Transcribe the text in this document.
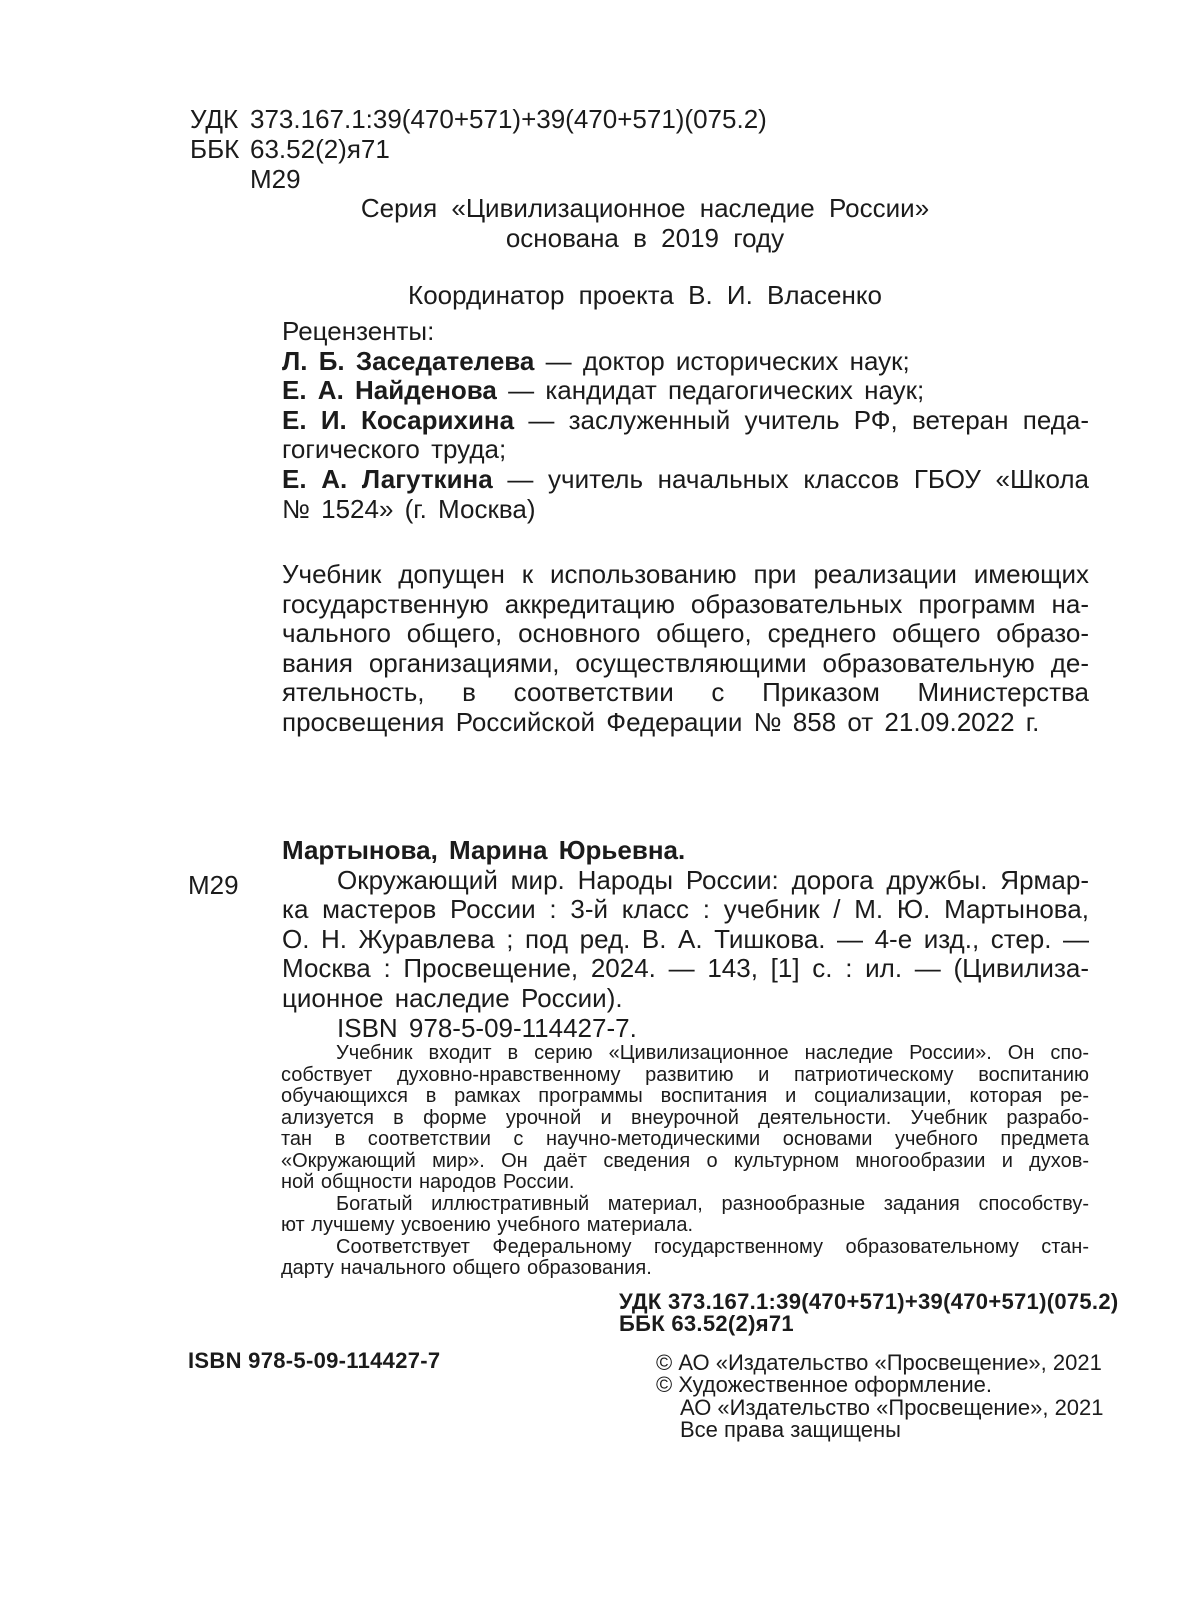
УДК 373.167.1:39(470+571)+39(470+571)(075.2)
ББК 63.52(2)я71
М29
Серия «Цивилизационное наследие России»
основана в 2019 году
Координатор проекта В. И. Власенко
Рецензенты:
Л. Б. Заседателева — доктор исторических наук;
Е. А. Найденова — кандидат педагогических наук;
Е. И. Косарихина — заслуженный учитель РФ, ветеран педа-
гогического труда;
Е. А. Лагуткина — учитель начальных классов ГБОУ «Школа
№ 1524» (г. Москва)
Учебник допущен к использованию при реализации имеющих
государственную аккредитацию образовательных программ на-
чального общего, основного общего, среднего общего образо-
вания организациями, осуществляющими образовательную де-
ятельность, в соответствии с Приказом Министерства
просвещения Российской Федерации № 858 от 21.09.2022 г.
М29
Мартынова, Марина Юрьевна.
Окружающий мир. Народы России: дорога дружбы. Ярмар-
ка мастеров России : 3-й класс : учебник / М. Ю. Мартынова,
О. Н. Журавлева ; под ред. В. А. Тишкова. — 4-е изд., стер. —
Москва : Просвещение, 2024. — 143, [1] с. : ил. — (Цивилиза-
ционное наследие России).
ISBN 978-5-09-114427-7.
Учебник входит в серию «Цивилизационное наследие России». Он спо-
собствует духовно-нравственному развитию и патриотическому воспитанию
обучающихся в рамках программы воспитания и социализации, которая ре-
ализуется в форме урочной и внеурочной деятельности. Учебник разрабо-
тан в соответствии с научно-методическими основами учебного предмета
«Окружающий мир». Он даёт сведения о культурном многообразии и духов-
ной общности народов России.
Богатый иллюстративный материал, разнообразные задания способству-
ют лучшему усвоению учебного материала.
Соответствует Федеральному государственному образовательному стан-
дарту начального общего образования.
УДК 373.167.1:39(470+571)+39(470+571)(075.2)
ББК 63.52(2)я71
ISBN 978-5-09-114427-7	© АО «Издательство «Просвещение», 2021
© Художественное оформление.
АО «Издательство «Просвещение», 2021
Все права защищены
